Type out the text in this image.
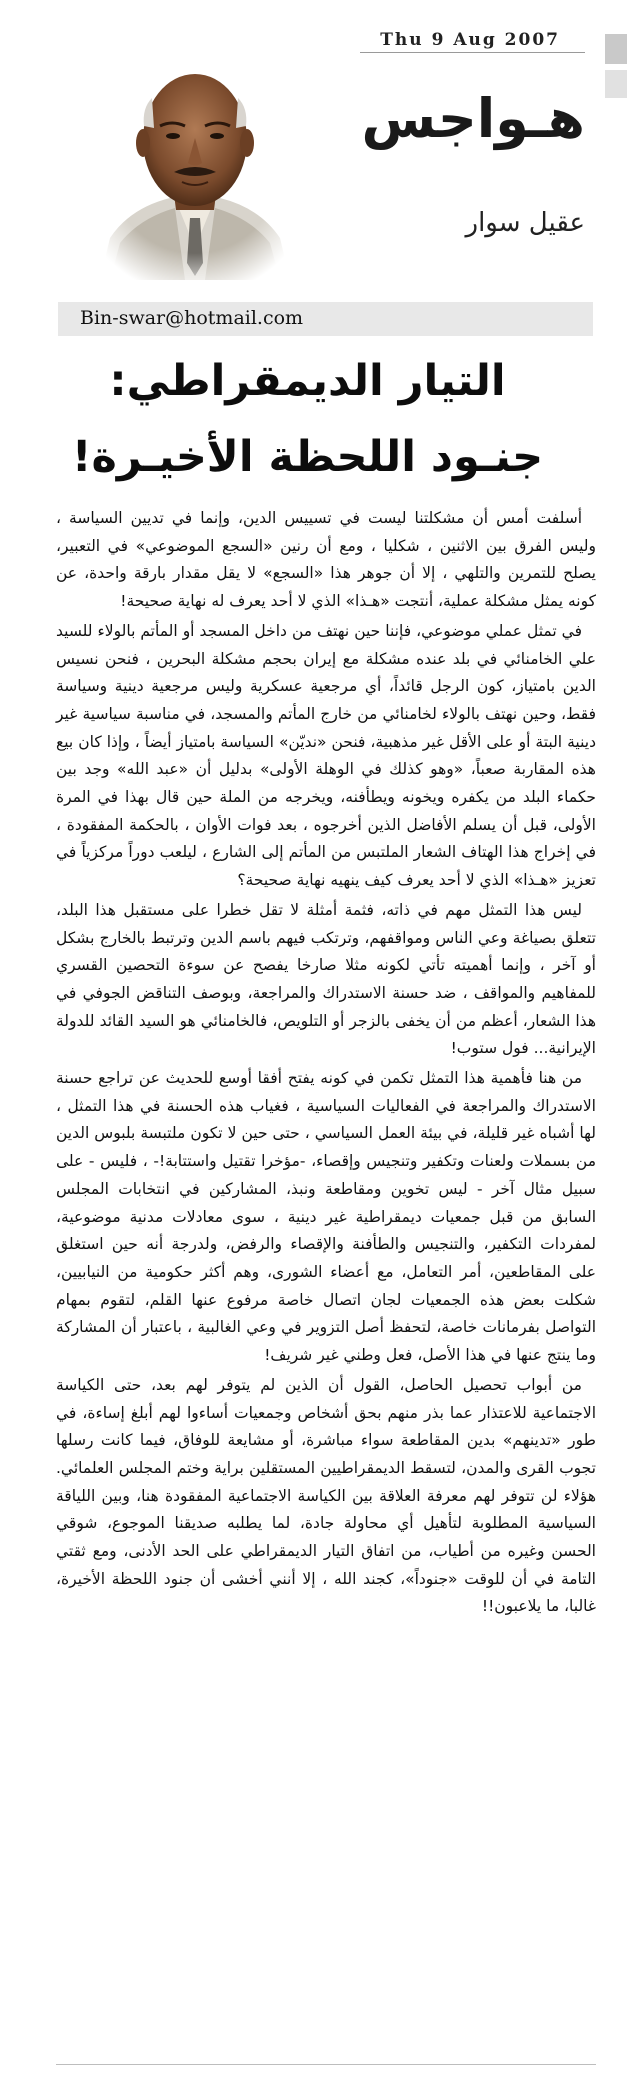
Thu 9 Aug 2007
هـواجس
عقيل سوار
Bin-swar@hotmail.com
التيار الديمقراطي:
جنـود اللحظة الأخيـرة!

أسلفت أمس أن مشكلتنا ليست في تسييس الدين، وإنما في تديين السياسة ، وليس الفرق بين الاثنين ، شكليا ، ومع أن رنين «السجع الموضوعي» في التعبير، يصلح للتمرين والتلهي ، إلا أن جوهر هذا «السجع» لا يقل مقدار بارقة واحدة، عن كونه يمثل مشكلة عملية، أنتجت «هـذا» الذي لا أحد يعرف له نهاية صحيحة!

في تمثل عملي موضوعي، فإننا حين نهتف من داخل المسجد أو المأتم بالولاء للسيد علي الخامنائي في بلد عنده مشكلة مع إيران بحجم مشكلة البحرين ، فنحن نسيس الدين بامتياز، كون الرجل قائداً، أي مرجعية عسكرية وليس مرجعية دينية وسياسة فقط، وحين نهتف بالولاء لخامنائي من خارج المأتم والمسجد، في مناسبة سياسية غير دينية البتة أو على الأقل غير مذهبية، فنحن «نديّن» السياسة بامتياز أيضاً ، وإذا كان بيع هذه المقاربة صعباً، «وهو كذلك في الوهلة الأولى» بدليل أن «عبد الله» وجد بين حكماء البلد من يكفره ويخونه ويطأفنه، ويخرجه من الملة حين قال بهذا في المرة الأولى، قبل أن يسلم الأفاضل الذين أخرجوه ، بعد فوات الأوان ، بالحكمة المفقودة ، في إخراج هذا الهتاف الشعار الملتبس من المأتم إلى الشارع ، ليلعب دوراً مركزياً في تعزيز «هـذا» الذي لا أحد يعرف كيف ينهيه نهاية صحيحة؟

ليس هذا التمثل مهم في ذاته، فثمة أمثلة لا تقل خطرا على مستقبل هذا البلد، تتعلق بصياغة وعي الناس ومواقفهم، وترتكب فيهم باسم الدين وترتبط بالخارج بشكل أو آخر ، وإنما أهميته تأتي لكونه مثلا صارخا يفصح عن سوءة التحصين القسري للمفاهيم والمواقف ، ضد حسنة الاستدراك والمراجعة، وبوصف التناقض الجوفي في هذا الشعار، أعظم من أن يخفى بالزجر أو التلويص، فالخامنائي هو السيد القائد للدولة الإيرانية... فول ستوب!

من هنا فأهمية هذا التمثل تكمن في كونه يفتح أفقا أوسع للحديث عن تراجع حسنة الاستدراك والمراجعة في الفعاليات السياسية ، فغياب هذه الحسنة في هذا التمثل ، لها أشباه غير قليلة، في بيئة العمل السياسي ، حتى حين لا تكون ملتبسة بلبوس الدين من بسملات ولعنات وتكفير وتنجيس وإقصاء، -مؤخرا تقتيل واستتابة!- ، فليس - على سبيل مثال آخر - ليس تخوين ومقاطعة ونبذ، المشاركين في انتخابات المجلس السابق من قبل جمعيات ديمقراطية غير دينية ، سوى معادلات مدنية موضوعية، لمفردات التكفير، والتنجيس والطأفنة والإقصاء والرفض، ولدرجة أنه حين استغلق على المقاطعين، أمر التعامل، مع أعضاء الشورى، وهم أكثر حكومية من النيابيين، شكلت بعض هذه الجمعيات لجان اتصال خاصة مرفوع عنها القلم، لتقوم بمهام التواصل بفرمانات خاصة، لتحفظ أصل التزوير في وعي الغالبية ، باعتبار أن المشاركة وما ينتج عنها في هذا الأصل، فعل وطني غير شريف!

من أبواب تحصيل الحاصل، القول أن الذين لم يتوفر لهم بعد، حتى الكياسة الاجتماعية للاعتذار عما بذر منهم بحق أشخاص وجمعيات أساءوا لهم أبلغ إساءة، في طور «تدينهم» بدين المقاطعة سواء مباشرة، أو مشايعة للوفاق، فيما كانت رسلها تجوب القرى والمدن، لتسقط الديمقراطيين المستقلين براية وختم المجلس العلمائي. هؤلاء لن تتوفر لهم معرفة العلاقة بين الكياسة الاجتماعية المفقودة هنا، وبين اللياقة السياسية المطلوبة لتأهيل أي محاولة جادة، لما يطلبه صديقنا الموجوع، شوقي الحسن وغيره من أطياب، من اتفاق التيار الديمقراطي على الحد الأدنى، ومع ثقتي التامة في أن للوقت «جنوداً»، كجند الله ، إلا أنني أخشى أن جنود اللحظة الأخيرة، غالبا، ما يلاعبون!!
